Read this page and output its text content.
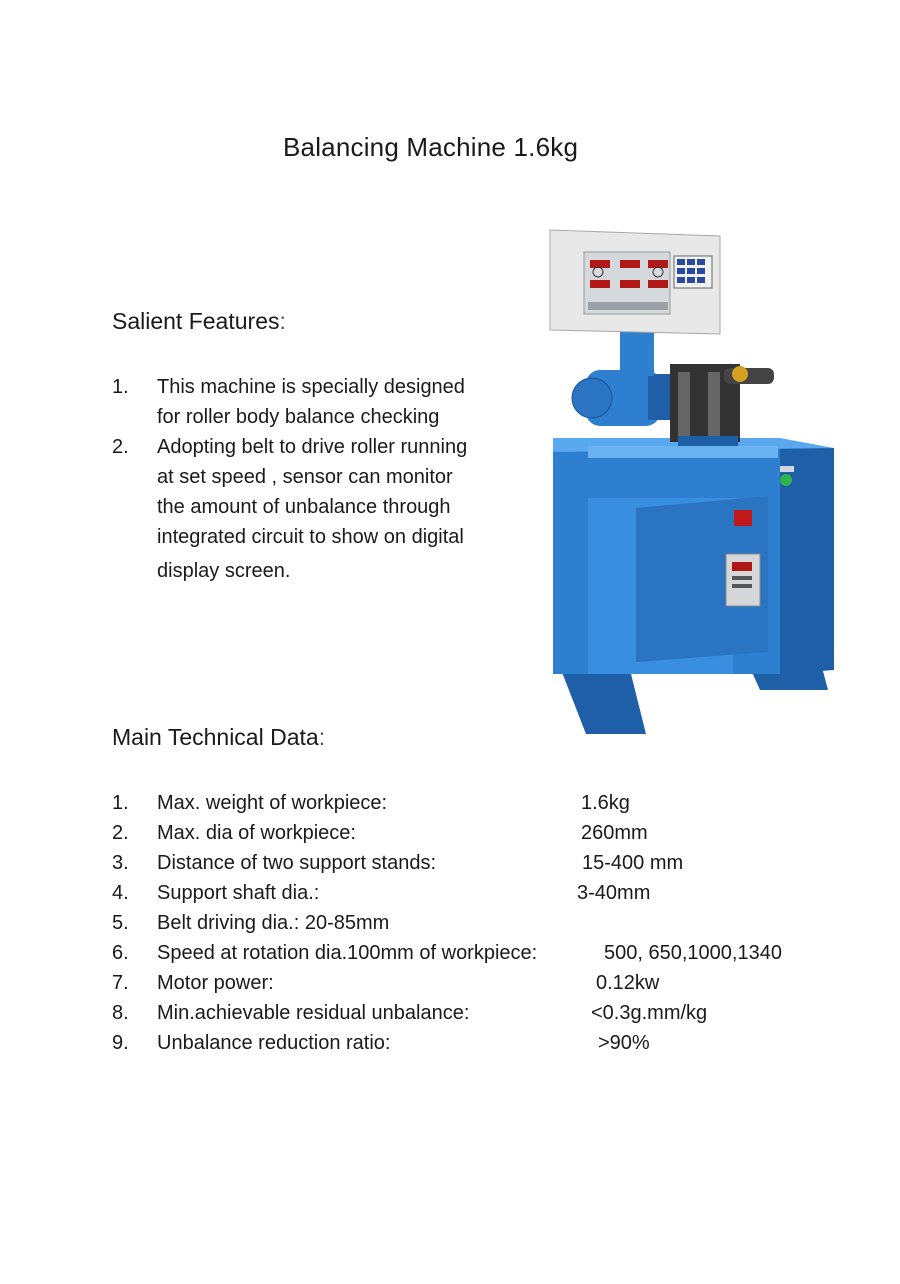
Balancing Machine 1.6kg
Salient Features:
1. This machine is specially designed
for roller body balance checking
2. Adopting belt to drive roller running
at set speed , sensor can monitor
the amount of unbalance through
integrated circuit to show on digital
display screen.
Main Technical Data:
1. Max. weight of workpiece:	1.6kg
2. Max. dia of workpiece:	260mm
3. Distance of two support stands:	15-400 mm
4. Support shaft dia.:	3-40mm
5. Belt driving dia.: 20-85mm
6. Speed at rotation dia.100mm of workpiece:	500, 650,1000,1340
7. Motor power:	0.12kw
8. Min.achievable residual unbalance:	<0.3g.mm/kg
9. Unbalance reduction ratio:	>90%
